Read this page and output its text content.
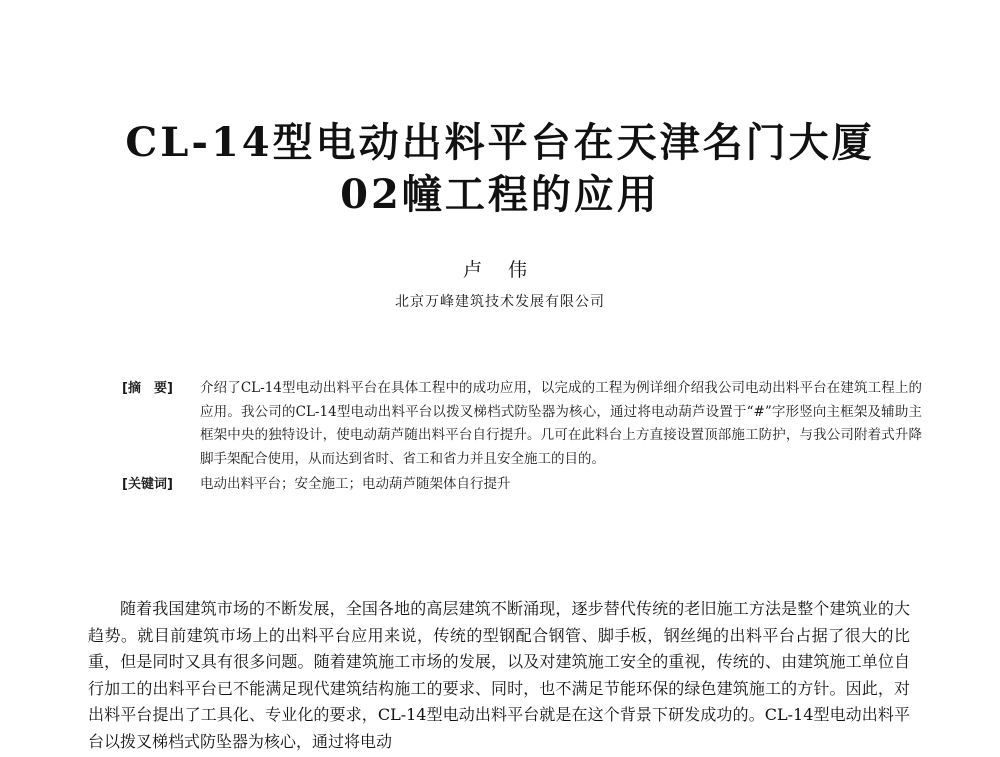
CL-14型电动出料平台在天津名门大厦
02幢工程的应用
卢 伟
北京万峰建筑技术发展有限公司
[摘　要]	介绍了CL-14型电动出料平台在具体工程中的成功应用，以完成的工程为例详细介绍我公司电动出料平台在建筑工程上的应用。我公司的CL-14型电动出料平台以拨叉梯档式防坠器为核心，通过将电动葫芦设置于“#”字形竖向主框架及辅助主框架中央的独特设计，使电动葫芦随出料平台自行提升。几可在此料台上方直接设置顶部施工防护，与我公司附着式升降脚手架配合使用，从而达到省时、省工和省力并且安全施工的目的。
[关键词]	电动出料平台；安全施工；电动葫芦随架体自行提升
随着我国建筑市场的不断发展，全国各地的高层建筑不断涌现，逐步替代传统的老旧施工方法是整个建筑业的大趋势。就目前建筑市场上的出料平台应用来说，传统的型钢配合钢管、脚手板，钢丝绳的出料平台占据了很大的比重，但是同时又具有很多问题。随着建筑施工市场的发展，以及对建筑施工安全的重视，传统的、由建筑施工单位自行加工的出料平台已不能满足现代建筑结构施工的要求、同时，也不满足节能环保的绿色建筑施工的方针。因此，对出料平台提出了工具化、专业化的要求，CL-14型电动出料平台就是在这个背景下研发成功的。CL-14型电动出料平台以拨叉梯档式防坠器为核心，通过将电动
